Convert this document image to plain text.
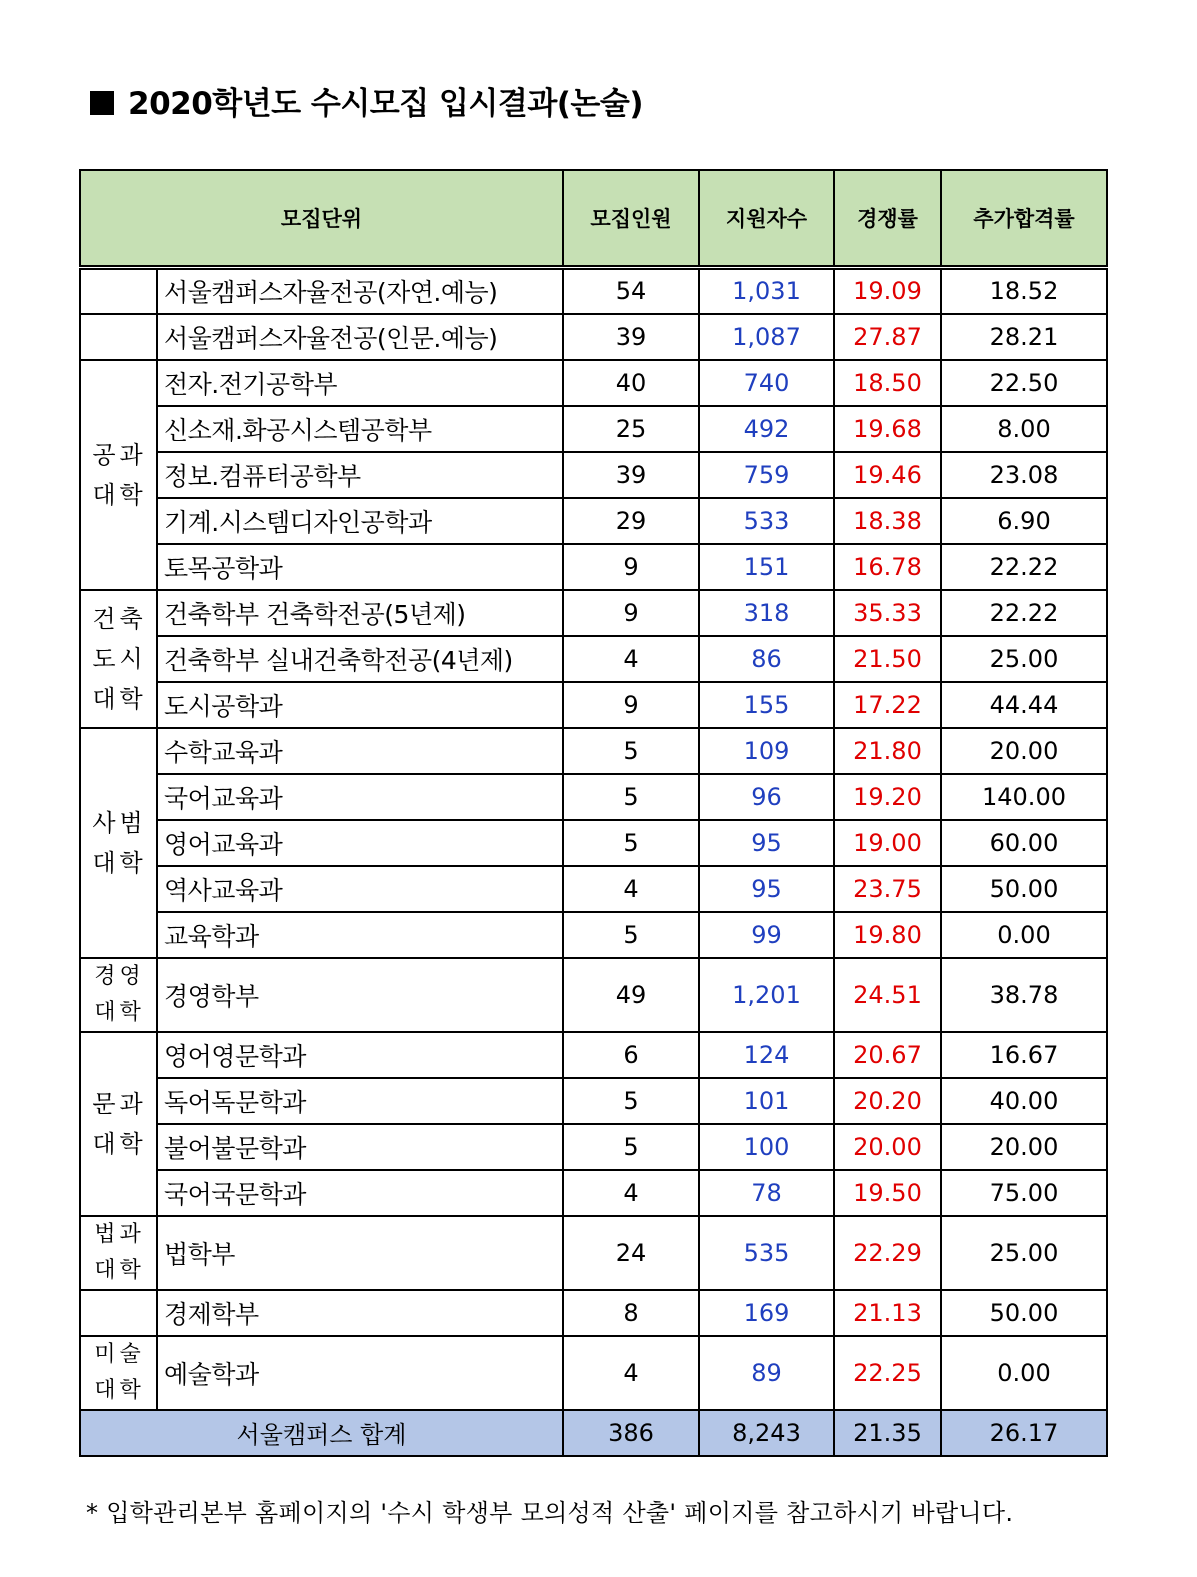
2020학년도 수시모집 입시결과(논술)
모집단위		모집인원	지원자수	경쟁률	추가합격률
	서울캠퍼스자율전공(자연.예능)	54	1,031	19.09	18.52
	서울캠퍼스자율전공(인문.예능)	39	1,087	27.87	28.21
공과 대학	전자.전기공학부	40	740	18.50	22.50
	신소재.화공시스템공학부	25	492	19.68	8.00
	정보.컴퓨터공학부	39	759	19.46	23.08
	기계.시스템디자인공학과	29	533	18.38	6.90
	토목공학과	9	151	16.78	22.22
건축 도시 대학	건축학부 건축학전공(5년제)	9	318	35.33	22.22
	건축학부 실내건축학전공(4년제)	4	86	21.50	25.00
	도시공학과	9	155	17.22	44.44
사범 대학	수학교육과	5	109	21.80	20.00
	국어교육과	5	96	19.20	140.00
	영어교육과	5	95	19.00	60.00
	역사교육과	4	95	23.75	50.00
	교육학과	5	99	19.80	0.00
경영 대학	경영학부	49	1,201	24.51	38.78
문과 대학	영어영문학과	6	124	20.67	16.67
	독어독문학과	5	101	20.20	40.00
	불어불문학과	5	100	20.00	20.00
	국어국문학과	4	78	19.50	75.00
법과 대학	법학부	24	535	22.29	25.00
	경제학부	8	169	21.13	50.00
미술 대학	예술학과	4	89	22.25	0.00
서울캠퍼스 합계		386	8,243	21.35	26.17
* 입학관리본부 홈페이지의 '수시 학생부 모의성적 산출' 페이지를 참고하시기 바랍니다.
